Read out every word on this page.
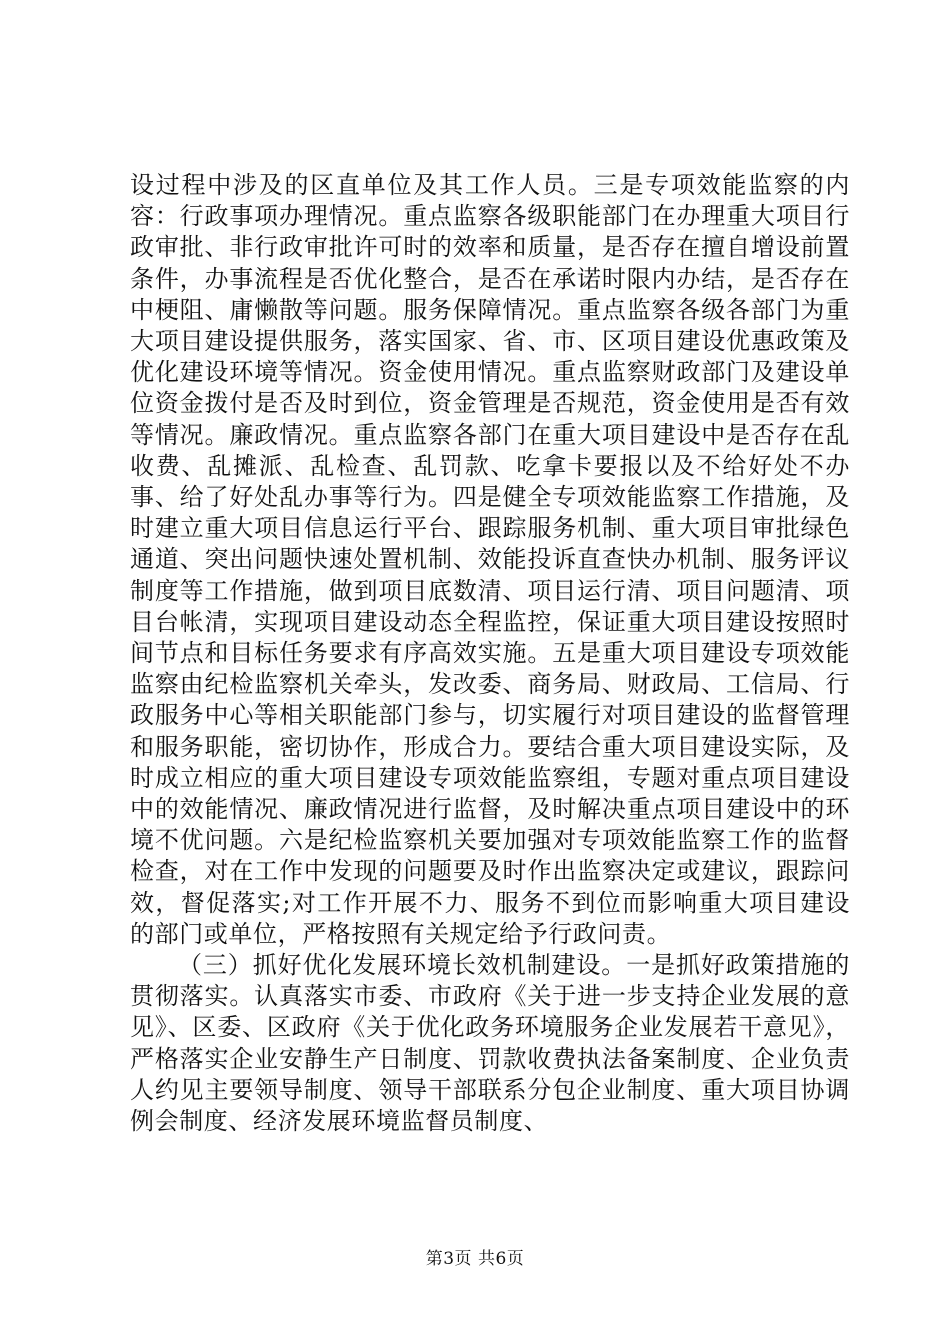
设过程中涉及的区直单位及其工作人员。三是专项效能监察的内容：行政事项办理情况。重点监察各级职能部门在办理重大项目行政审批、非行政审批许可时的效率和质量，是否存在擅自增设前置条件，办事流程是否优化整合，是否在承诺时限内办结，是否存在中梗阻、庸懒散等问题。服务保障情况。重点监察各级各部门为重大项目建设提供服务，落实国家、省、市、区项目建设优惠政策及优化建设环境等情况。资金使用情况。重点监察财政部门及建设单位资金拨付是否及时到位，资金管理是否规范，资金使用是否有效等情况。廉政情况。重点监察各部门在重大项目建设中是否存在乱收费、乱摊派、乱检查、乱罚款、吃拿卡要报以及不给好处不办事、给了好处乱办事等行为。四是健全专项效能监察工作措施，及时建立重大项目信息运行平台、跟踪服务机制、重大项目审批绿色通道、突出问题快速处置机制、效能投诉直查快办机制、服务评议制度等工作措施，做到项目底数清、项目运行清、项目问题清、项目台帐清，实现项目建设动态全程监控，保证重大项目建设按照时间节点和目标任务要求有序高效实施。五是重大项目建设专项效能监察由纪检监察机关牵头，发改委、商务局、财政局、工信局、行政服务中心等相关职能部门参与，切实履行对项目建设的监督管理和服务职能，密切协作，形成合力。要结合重大项目建设实际，及时成立相应的重大项目建设专项效能监察组，专题对重点项目建设中的效能情况、廉政情况进行监督，及时解决重点项目建设中的环境不优问题。六是纪检监察机关要加强对专项效能监察工作的监督检查，对在工作中发现的问题要及时作出监察决定或建议，跟踪问效，督促落实;对工作开展不力、服务不到位而影响重大项目建设的部门或单位，严格按照有关规定给予行政问责。

（三）抓好优化发展环境长效机制建设。一是抓好政策措施的贯彻落实。认真落实市委、市政府《关于进一步支持企业发展的意见》、区委、区政府《关于优化政务环境服务企业发展若干意见》，严格落实企业安静生产日制度、罚款收费执法备案制度、企业负责人约见主要领导制度、领导干部联系分包企业制度、重大项目协调例会制度、经济发展环境监督员制度、

第3页 共6页
